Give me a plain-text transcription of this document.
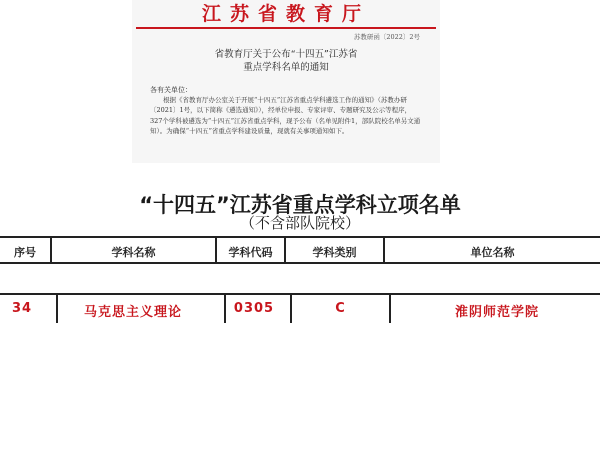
江苏省教育厅
苏教研函〔2022〕2号
省教育厅关于公布“十四五”江苏省
重点学科名单的通知
各有关单位：
根据《省教育厅办公室关于开展“十四五”江苏省重点学科遴选工作的通知》（苏教办研〔2021〕1号，以下简称《遴选通知》），经单位申报、专家评审、专题研究及公示等程序，327个学科被遴选为“十四五”江苏省重点学科，现予公布（名单见附件1，部队院校名单另文通知）。为确保“十四五”省重点学科建设质量，现就有关事项通知如下。
“十四五”江苏省重点学科立项名单
（不含部队院校）
序号	学科名称	学科代码	学科类别	单位名称
34	马克思主义理论	0305	C	淮阴师范学院
